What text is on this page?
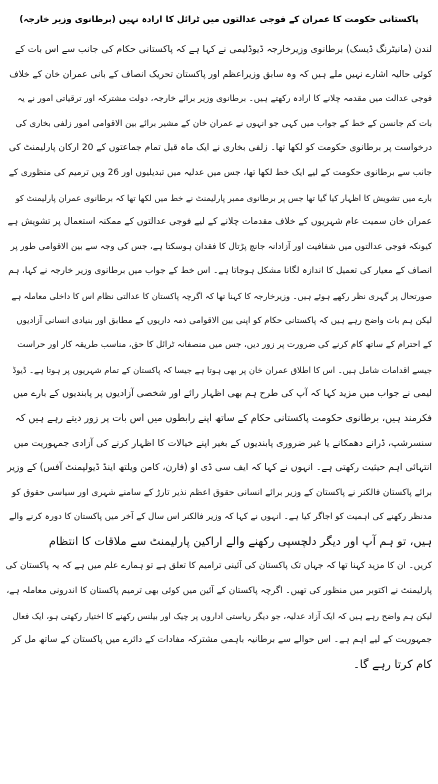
پاکستانی حکومت کا عمران کے فوجی عدالتوں میں ٹرائل کا ارادہ نہیں (برطانوی وزیر خارجہ)
لندن (مانیٹرنگ ڈیسک) برطانوی وزیرخارجہ ڈیوڈلیمی نے کہا ہے کہ پاکستانی حکام کی جانب سے اس بات کے
کوئی حالیہ اشارے نہیں ملے ہیں کہ وہ سابق وزیراعظم اور پاکستان تحریک انصاف کے بانی عمران خان کے خلاف
فوجی عدالت میں مقدمہ چلانے کا ارادہ رکھتے ہیں۔ برطانوی وزیر برائے خارجہ، دولت مشترکہ اور ترقیاتی امور نے یہ
بات کم جانسن کے خط کے جواب میں کہی جو انہوں نے عمران خان کے مشیر برائے بین الاقوامی امور زلفی بخاری کی
درخواست پر برطانوی حکومت کو لکھا تھا۔ زلفی بخاری نے ایک ماہ قبل تمام جماعتوں کے 20 ارکان پارلیمنٹ کی
جانب سے برطانوی حکومت کے لیے ایک خط لکھا تھا، جس میں عدلیہ میں تبدیلیوں اور 26 ویں ترمیم کی منظوری کے
بارے میں تشویش کا اظہار کیا گیا تھا جس پر برطانوی ممبر پارلیمنٹ نے خط میں لکھا تھا کہ برطانوی عمران پارلیمنٹ کو
عمران خان سمیت عام شہریوں کے خلاف مقدمات چلانے کے لیے فوجی عدالتوں کے ممکنہ استعمال پر تشویش ہے
کیونکہ فوجی عدالتوں میں شفافیت اور آزادانہ جانچ پڑتال کا فقدان ہوسکتا ہے، جس کی وجہ سے بین الاقوامی طور پر
انصاف کے معیار کی تعمیل کا اندازہ لگانا مشکل ہوجاتا ہے۔ اس خط کے جواب میں برطانوی وزیر خارجہ نے کہا، ہم
صورتحال پر گہری نظر رکھے ہوئے ہیں۔ وزیرخارجہ کا کہنا تھا کہ اگرچہ پاکستان کا عدالتی نظام اس کا داخلی معاملہ ہے
لیکن ہم بات واضح رہے ہیں کہ پاکستانی حکام کو اپنی بین الاقوامی ذمہ داریوں کے مطابق اور بنیادی انسانی آزادیوں
کے احترام کے ساتھ کام کرنے کی ضرورت پر زور دیں، جس میں منصفانہ ٹرائل کا حق، مناسب طریقہ کار اور حراست
جیسے اقدامات شامل ہیں۔ اس کا اطلاق عمران خان پر بھی ہوتا ہے جیسا کہ پاکستان کے تمام شہریوں پر ہوتا ہے۔ ڈیوڈ
لیمی نے جواب میں مزید کہا کہ آپ کی طرح ہم بھی اظہار رائے اور شخصی آزادیوں پر پابندیوں کے بارے میں
فکرمند ہیں، برطانوی حکومت پاکستانی حکام کے ساتھ اپنے رابطوں میں اس بات پر زور دیتے رہے ہیں کہ
سنسرشپ، ڈرانے دھمکانے یا غیر ضروری پابندیوں کے بغیر اپنے خیالات کا اظہار کرنے کی آزادی جمہوریت میں
انتہائی اہم حیثیت رکھتی ہے۔ انہوں نے کہا کہ ایف سی ڈی او (فارن، کامن ویلتھ اینڈ ڈیولپمنٹ آفس) کے وزیر
برائے پاکستان فالکنر نے پاکستان کے وزیر برائے انسانی حقوق اعظم نذیر تارڑ کے سامنے شہری اور سیاسی حقوق کو
مدنظر رکھنے کی اہمیت کو اجاگر کیا ہے۔ انہوں نے کہا کہ وزیر فالکنر اس سال کے آخر میں پاکستان کا دورہ کرنے والے
ہیں، تو ہم آپ اور دیگر دلچسپی رکھنے والے اراکین پارلیمنٹ سے ملاقات کا انتظام
کریں۔ ان کا مزید کہنا تھا کہ جہاں تک پاکستان کی آئینی ترامیم کا تعلق ہے تو ہمارے علم میں ہے کہ یہ پاکستان کی
پارلیمنٹ نے اکتوبر میں منظور کی تھیں۔ اگرچہ پاکستان کے آئین میں کوئی بھی ترمیم پاکستان کا اندرونی معاملہ ہے،
لیکن ہم واضح رہے ہیں کہ ایک آزاد عدلیہ، جو دیگر ریاستی اداروں پر چیک اور بیلنس رکھنے کا اختیار رکھتی ہو، ایک فعال
جمہوریت کے لیے اہم ہے۔ اس حوالے سے برطانیہ باہمی مشترکہ مفادات کے دائرے میں پاکستان کے ساتھ مل کر
کام کرتا رہے گا۔
